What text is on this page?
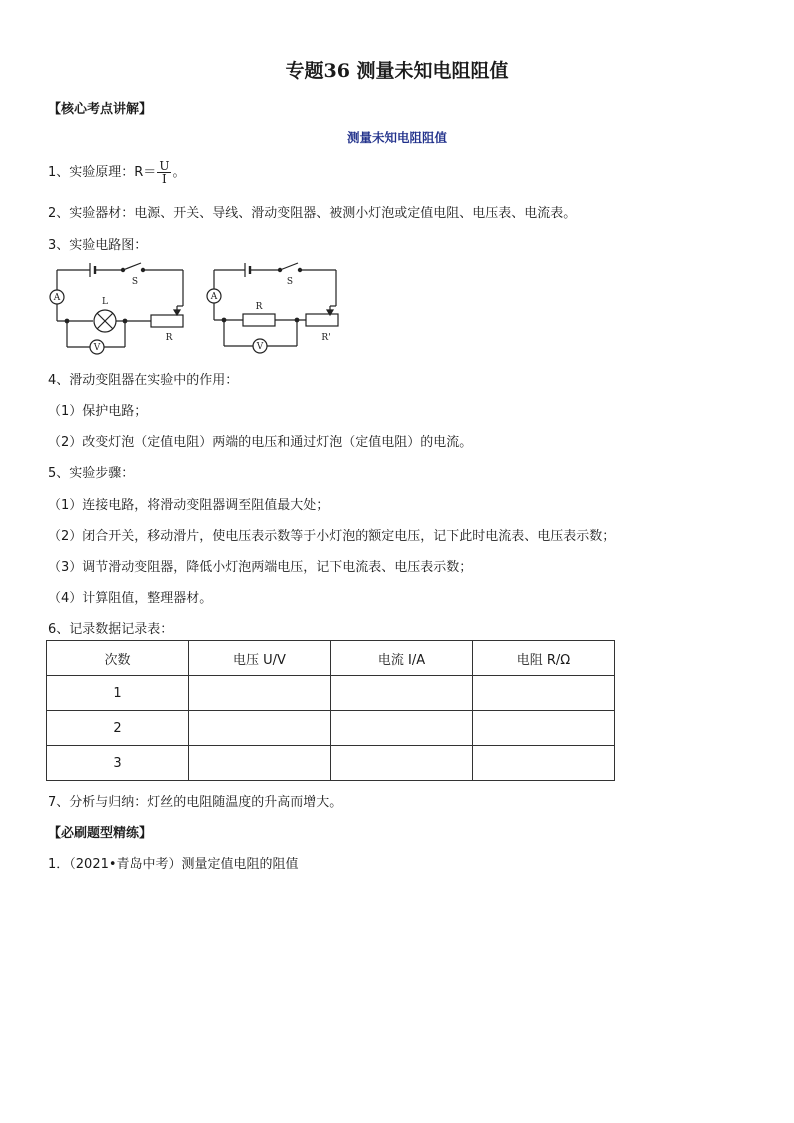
专题36 测量未知电阻阻值
【核心考点讲解】
测量未知电阻阻值
1、实验原理：$R= \frac{U}{I}$ 。
2、实验器材：电源、开关、导线、滑动变阻器、被测小灯泡或定值电阻、电压表、电流表。
3、实验电路图：
A
S
L
R
V
A
S
R
R'
V
4、滑动变阻器在实验中的作用：
（1）保护电路；
（2）改变灯泡（定值电阻）两端的电压和通过灯泡（定值电阻）的电流。
5、实验步骤：
（1）连接电路，将滑动变阻器调至阻值最大处；
（2）闭合开关，移动滑片，使电压表示数等于小灯泡的额定电压，记下此时电流表、电压表示数；
（3）调节滑动变阻器，降低小灯泡两端电压，记下电流表、电压表示数；
（4）计算阻值，整理器材。
6、记录数据记录表：
次数	电压 U/V	电流 I/A	电阻 R/Ω
1			
2			
3			
7、分析与归纳：灯丝的电阻随温度的升高而增大。
【必刷题型精练】
1．（2021•青岛中考）测量定值电阻的阻值
